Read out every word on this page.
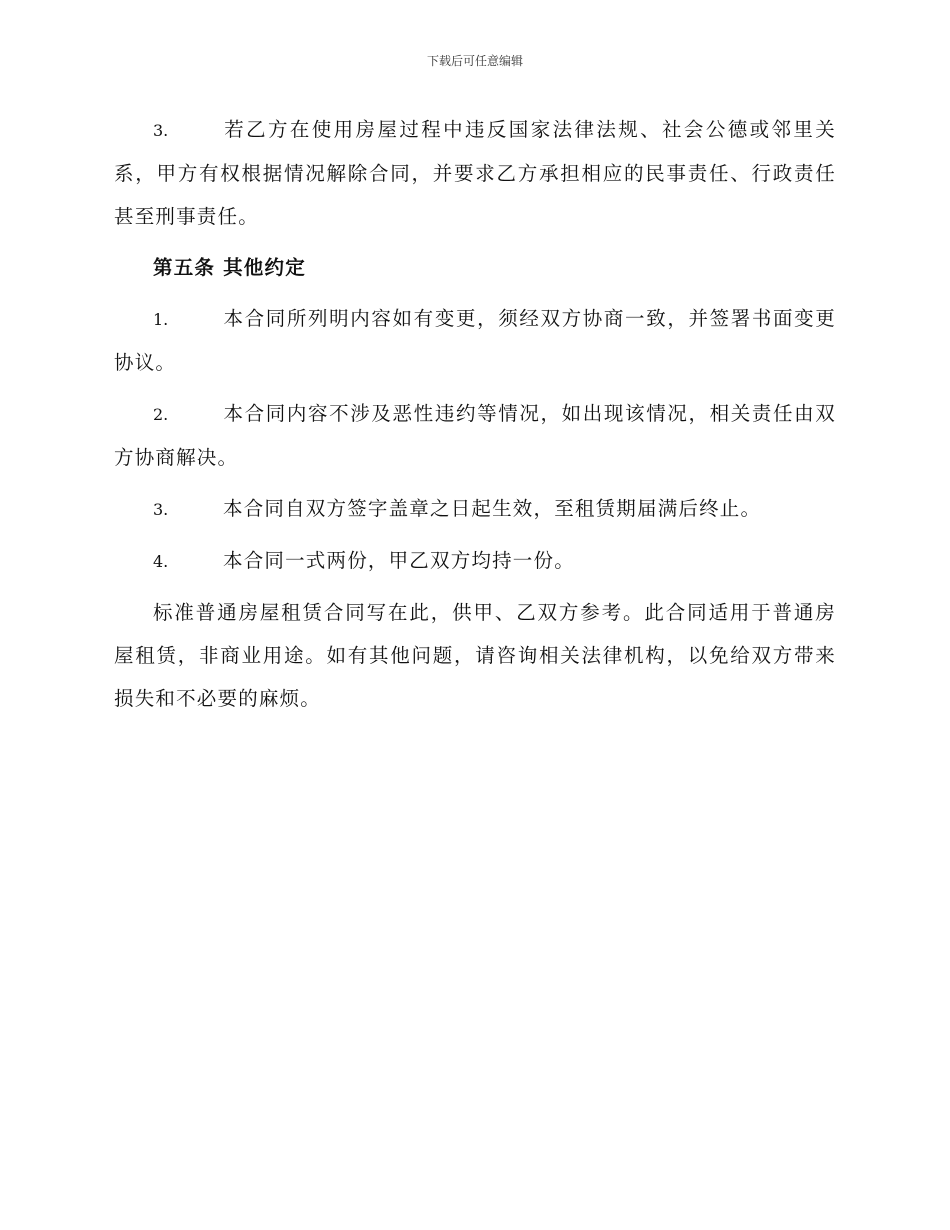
下载后可任意编辑

3.	若乙方在使用房屋过程中违反国家法律法规、社会公德或邻里关系，甲方有权根据情况解除合同，并要求乙方承担相应的民事责任、行政责任甚至刑事责任。

第五条 其他约定

1.	本合同所列明内容如有变更，须经双方协商一致，并签署书面变更协议。

2.	本合同内容不涉及恶性违约等情况，如出现该情况，相关责任由双方协商解决。

3.	本合同自双方签字盖章之日起生效，至租赁期届满后终止。

4.	本合同一式两份，甲乙双方均持一份。

标准普通房屋租赁合同写在此，供甲、乙双方参考。此合同适用于普通房屋租赁，非商业用途。如有其他问题，请咨询相关法律机构，以免给双方带来损失和不必要的麻烦。
